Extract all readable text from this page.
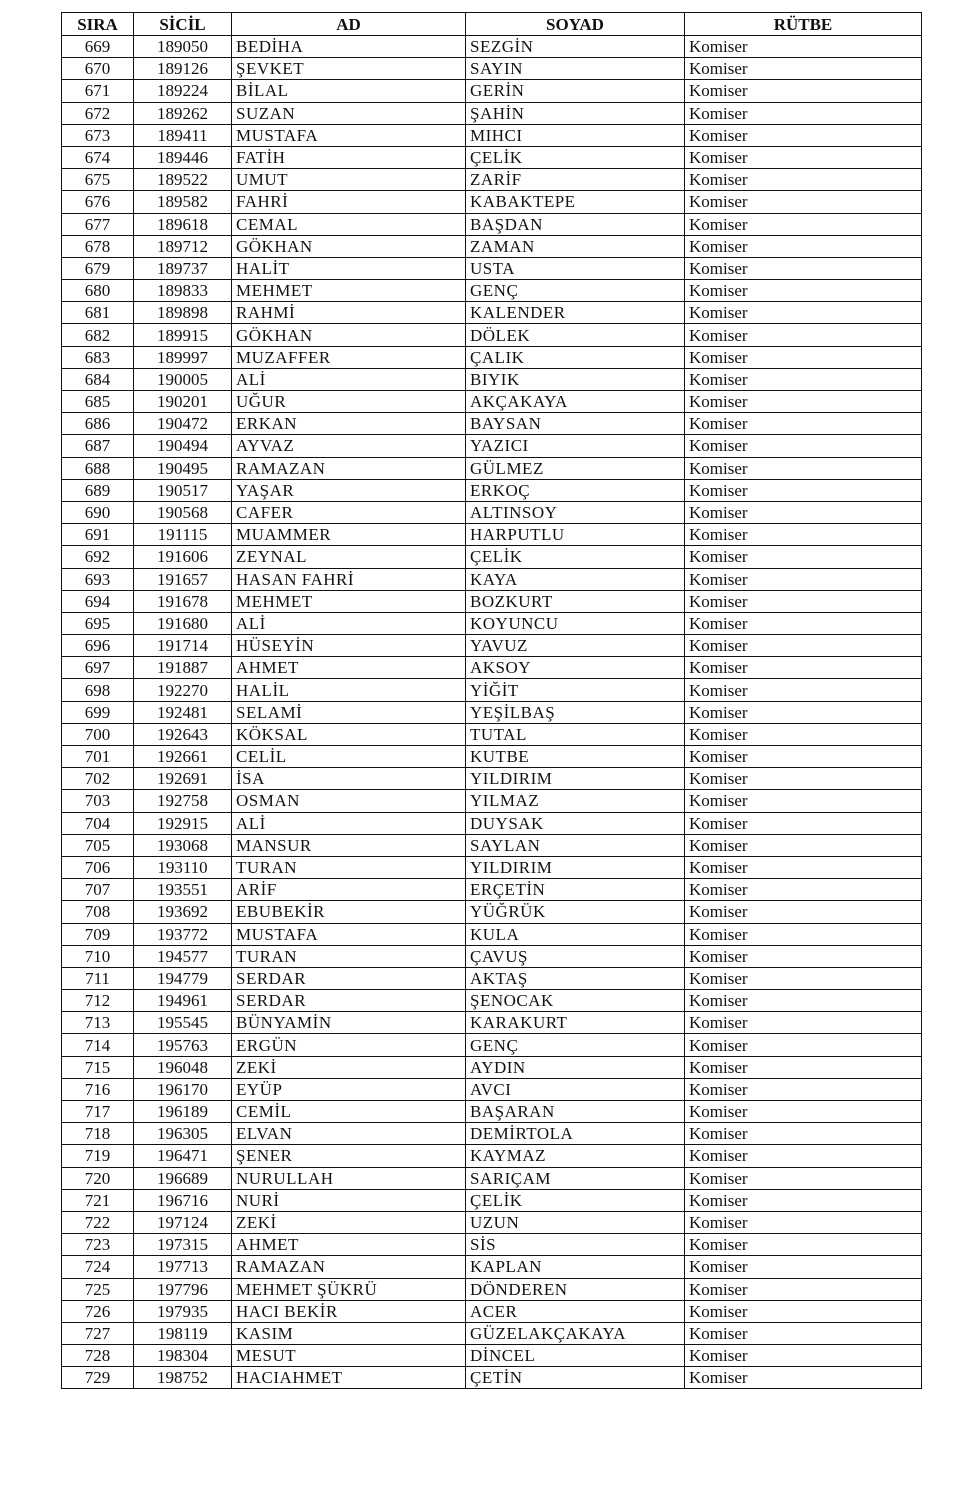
SIRA	SİCİL	AD	SOYAD	RÜTBE
669	189050	BEDİHA	SEZGİN	Komiser
670	189126	ŞEVKET	SAYIN	Komiser
671	189224	BİLAL	GERİN	Komiser
672	189262	SUZAN	ŞAHİN	Komiser
673	189411	MUSTAFA	MIHCI	Komiser
674	189446	FATİH	ÇELİK	Komiser
675	189522	UMUT	ZARİF	Komiser
676	189582	FAHRİ	KABAKTEPE	Komiser
677	189618	CEMAL	BAŞDAN	Komiser
678	189712	GÖKHAN	ZAMAN	Komiser
679	189737	HALİT	USTA	Komiser
680	189833	MEHMET	GENÇ	Komiser
681	189898	RAHMİ	KALENDER	Komiser
682	189915	GÖKHAN	DÖLEK	Komiser
683	189997	MUZAFFER	ÇALIK	Komiser
684	190005	ALİ	BIYIK	Komiser
685	190201	UĞUR	AKÇAKAYA	Komiser
686	190472	ERKAN	BAYSAN	Komiser
687	190494	AYVAZ	YAZICI	Komiser
688	190495	RAMAZAN	GÜLMEZ	Komiser
689	190517	YAŞAR	ERKOÇ	Komiser
690	190568	CAFER	ALTINSOY	Komiser
691	191115	MUAMMER	HARPUTLU	Komiser
692	191606	ZEYNAL	ÇELİK	Komiser
693	191657	HASAN FAHRİ	KAYA	Komiser
694	191678	MEHMET	BOZKURT	Komiser
695	191680	ALİ	KOYUNCU	Komiser
696	191714	HÜSEYİN	YAVUZ	Komiser
697	191887	AHMET	AKSOY	Komiser
698	192270	HALİL	YİĞİT	Komiser
699	192481	SELAMİ	YEŞİLBAŞ	Komiser
700	192643	KÖKSAL	TUTAL	Komiser
701	192661	CELİL	KUTBE	Komiser
702	192691	İSA	YILDIRIM	Komiser
703	192758	OSMAN	YILMAZ	Komiser
704	192915	ALİ	DUYSAK	Komiser
705	193068	MANSUR	SAYLAN	Komiser
706	193110	TURAN	YILDIRIM	Komiser
707	193551	ARİF	ERÇETİN	Komiser
708	193692	EBUBEKİR	YÜĞRÜK	Komiser
709	193772	MUSTAFA	KULA	Komiser
710	194577	TURAN	ÇAVUŞ	Komiser
711	194779	SERDAR	AKTAŞ	Komiser
712	194961	SERDAR	ŞENOCAK	Komiser
713	195545	BÜNYAMİN	KARAKURT	Komiser
714	195763	ERGÜN	GENÇ	Komiser
715	196048	ZEKİ	AYDIN	Komiser
716	196170	EYÜP	AVCI	Komiser
717	196189	CEMİL	BAŞARAN	Komiser
718	196305	ELVAN	DEMİRTOLA	Komiser
719	196471	ŞENER	KAYMAZ	Komiser
720	196689	NURULLAH	SARIÇAM	Komiser
721	196716	NURİ	ÇELİK	Komiser
722	197124	ZEKİ	UZUN	Komiser
723	197315	AHMET	SİS	Komiser
724	197713	RAMAZAN	KAPLAN	Komiser
725	197796	MEHMET ŞÜKRÜ	DÖNDEREN	Komiser
726	197935	HACI BEKİR	ACER	Komiser
727	198119	KASIM	GÜZELAKÇAKAYA	Komiser
728	198304	MESUT	DİNCEL	Komiser
729	198752	HACIAHMET	ÇETİN	Komiser
